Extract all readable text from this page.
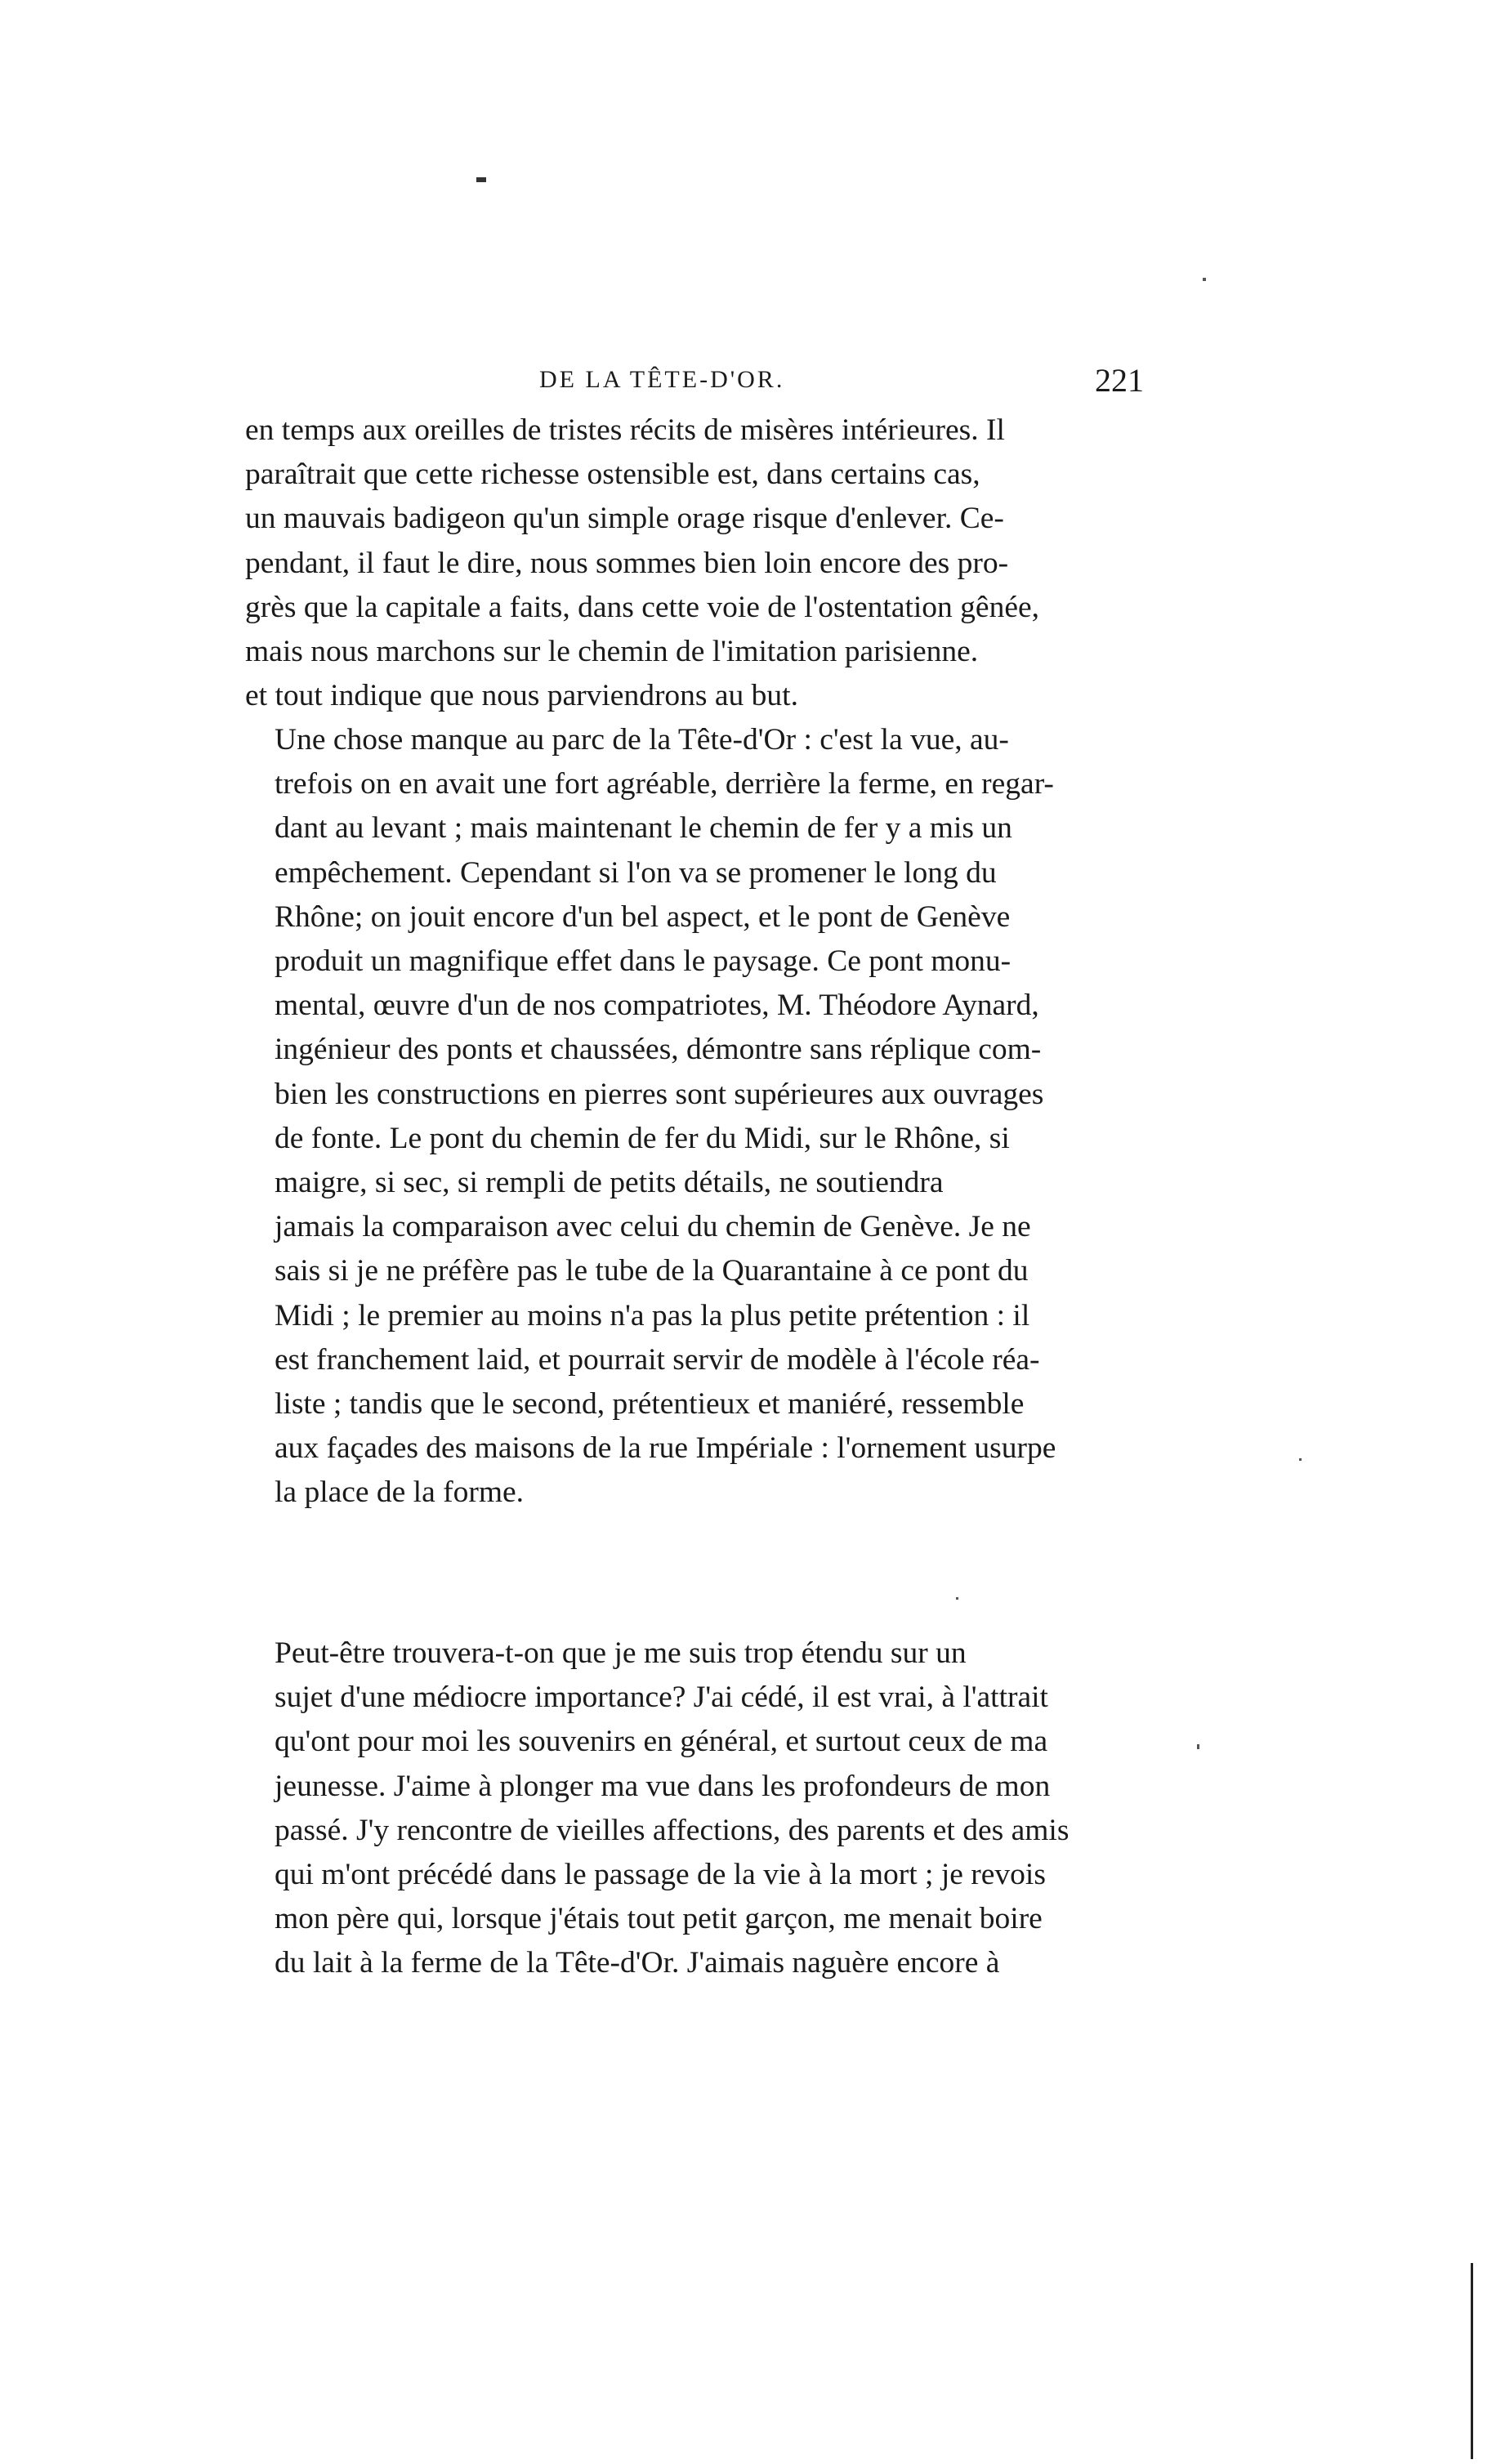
DE LA TÊTE-D'OR.	221
en temps aux oreilles de tristes récits de misères intérieures. Il
paraîtrait que cette richesse ostensible est, dans certains cas,
un mauvais badigeon qu'un simple orage risque d'enlever. Ce-
pendant, il faut le dire, nous sommes bien loin encore des pro-
grès que la capitale a faits, dans cette voie de l'ostentation gênée,
mais nous marchons sur le chemin de l'imitation parisienne.
et tout indique que nous parviendrons au but.
Une chose manque au parc de la Tête-d'Or : c'est la vue, au-
trefois on en avait une fort agréable, derrière la ferme, en regar-
dant au levant ; mais maintenant le chemin de fer y a mis un
empêchement. Cependant si l'on va se promener le long du
Rhône; on jouit encore d'un bel aspect, et le pont de Genève
produit un magnifique effet dans le paysage. Ce pont monu-
mental, œuvre d'un de nos compatriotes, M. Théodore Aynard,
ingénieur des ponts et chaussées, démontre sans réplique com-
bien les constructions en pierres sont supérieures aux ouvrages
de fonte. Le pont du chemin de fer du Midi, sur le Rhône, si
maigre, si sec, si rempli de petits détails, ne soutiendra
jamais la comparaison avec celui du chemin de Genève. Je ne
sais si je ne préfère pas le tube de la Quarantaine à ce pont du
Midi ; le premier au moins n'a pas la plus petite prétention : il
est franchement laid, et pourrait servir de modèle à l'école réa-
liste ; tandis que le second, prétentieux et maniéré, ressemble
aux façades des maisons de la rue Impériale : l'ornement usurpe
la place de la forme.
Peut-être trouvera-t-on que je me suis trop étendu sur un
sujet d'une médiocre importance? J'ai cédé, il est vrai, à l'attrait
qu'ont pour moi les souvenirs en général, et surtout ceux de ma
jeunesse. J'aime à plonger ma vue dans les profondeurs de mon
passé. J'y rencontre de vieilles affections, des parents et des amis
qui m'ont précédé dans le passage de la vie à la mort ; je revois
mon père qui, lorsque j'étais tout petit garçon, me menait boire
du lait à la ferme de la Tête-d'Or. J'aimais naguère encore à
